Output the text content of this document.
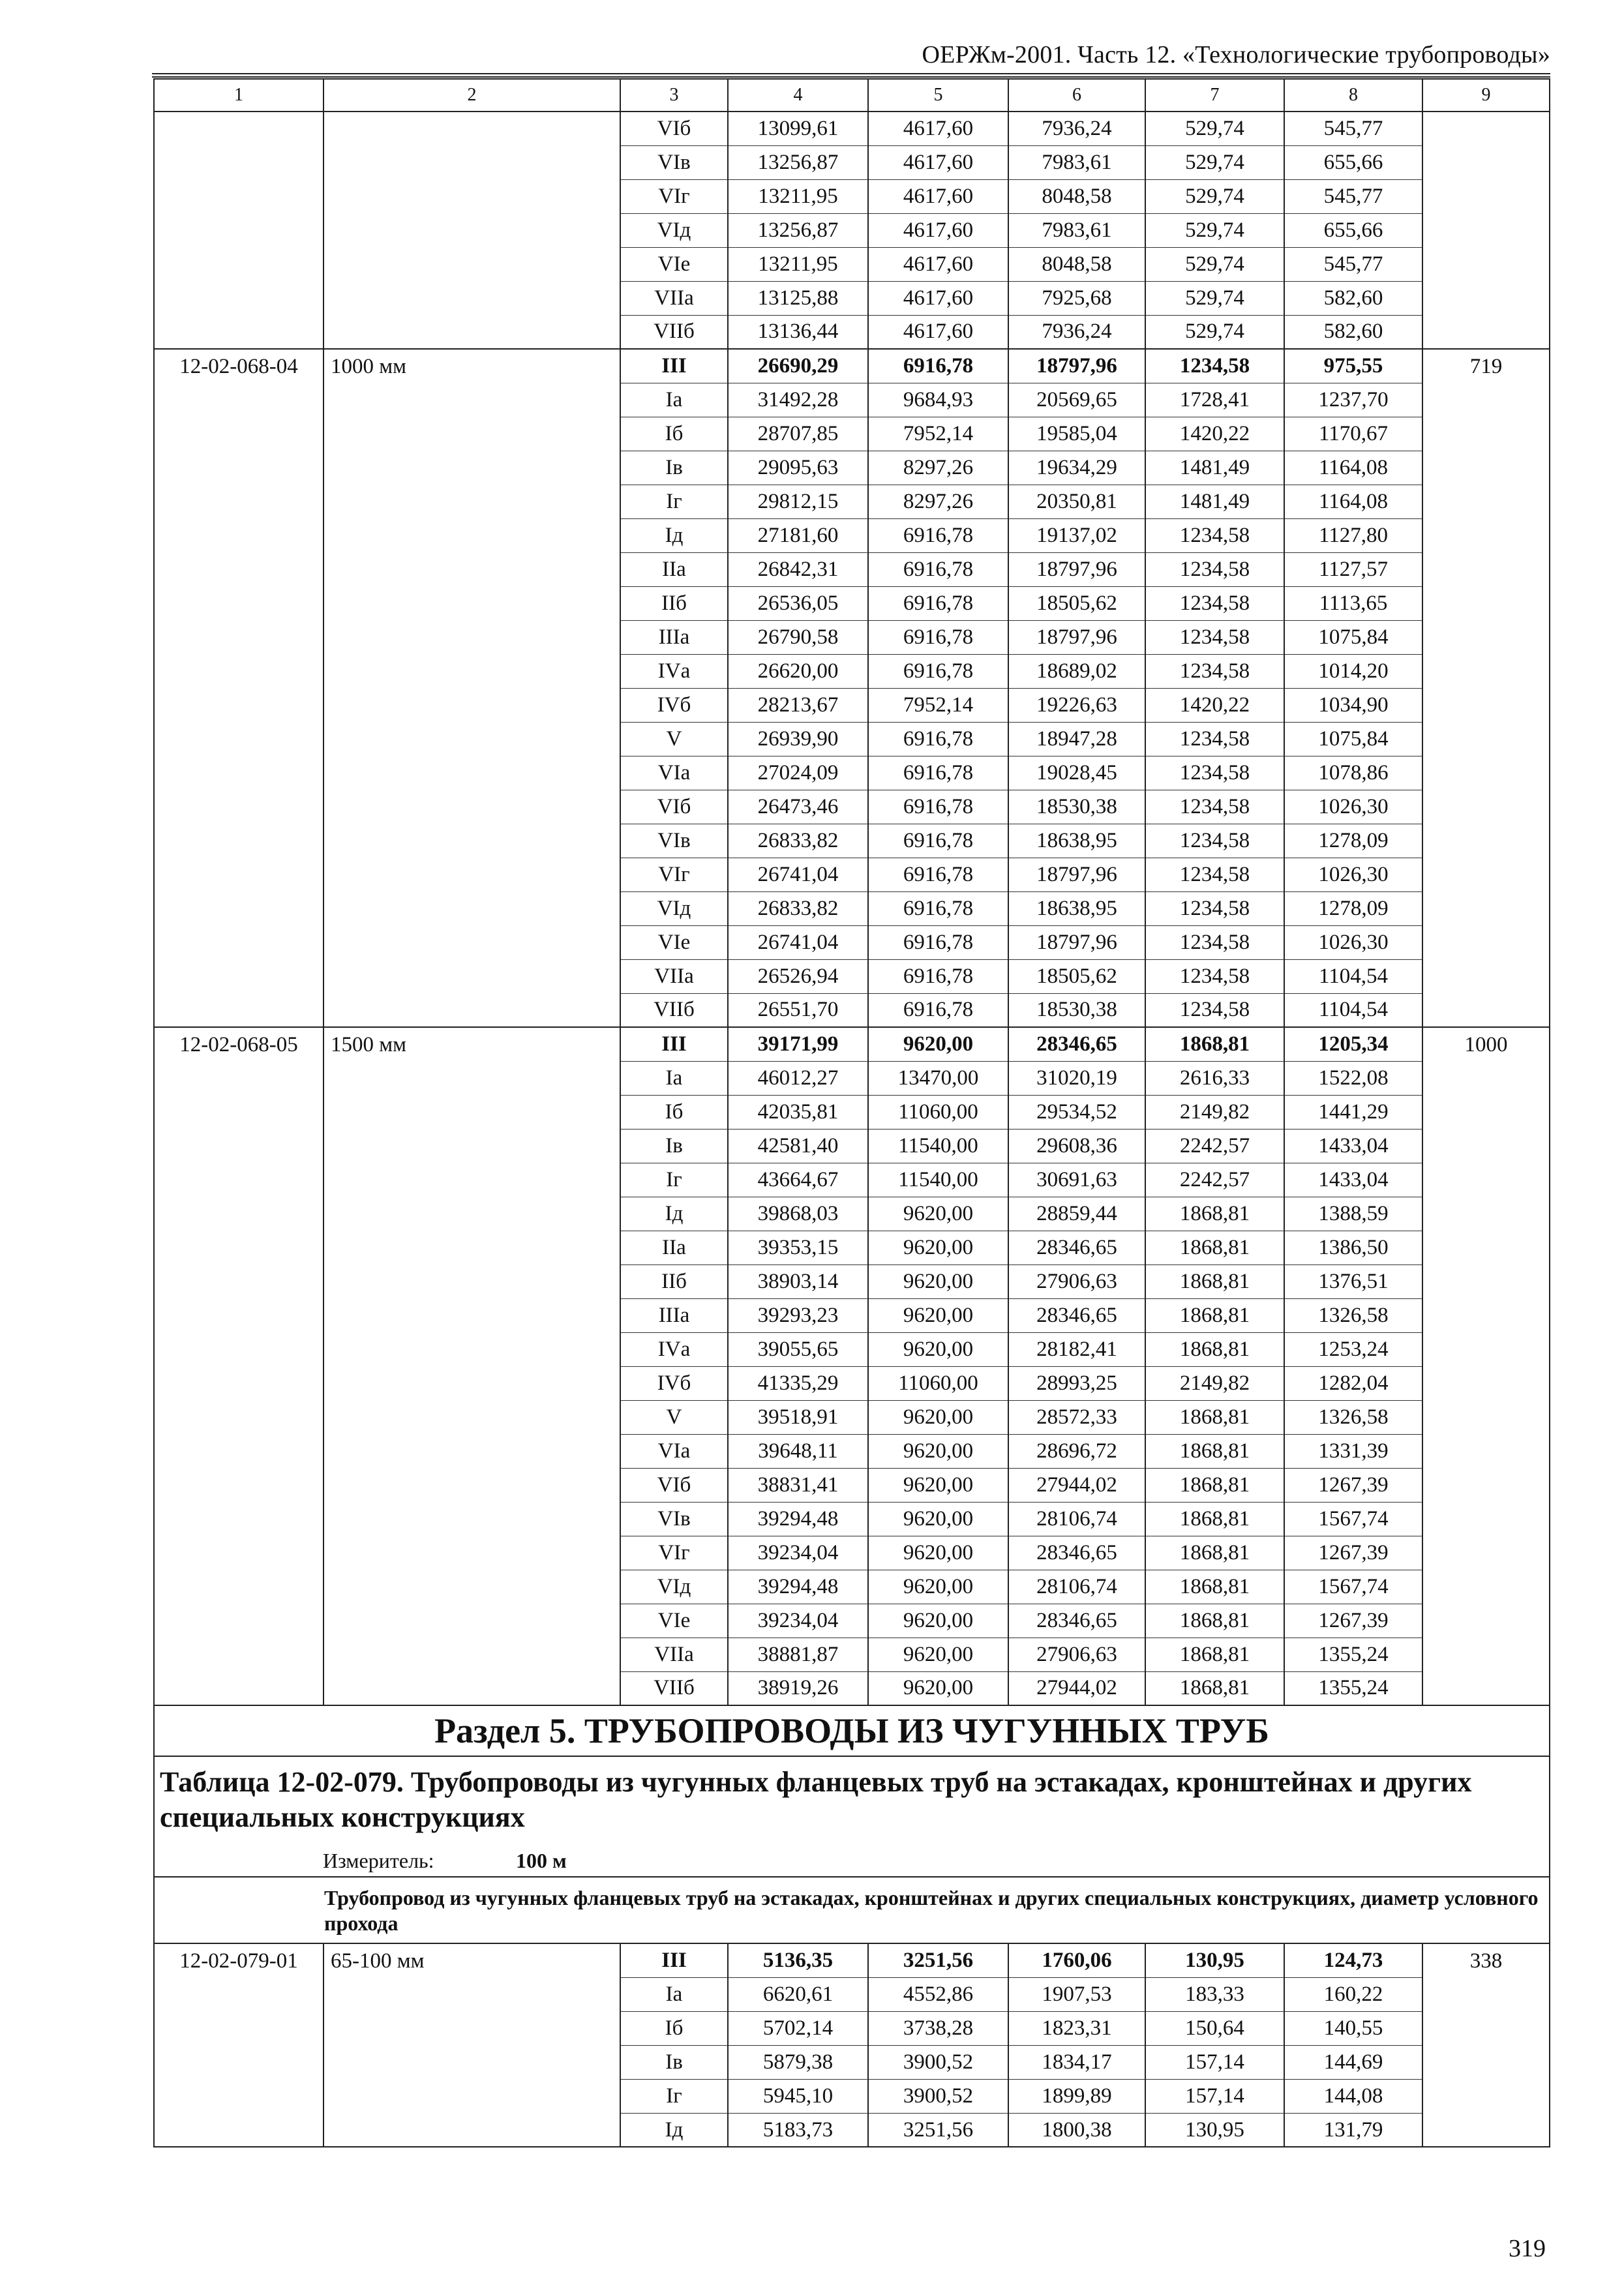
ОЕРЖм-2001. Часть 12. «Технологические трубопроводы»
1	2	3	4	5	6	7	8	9
		VIб	13099,61	4617,60	7936,24	529,74	545,77	
		VIв	13256,87	4617,60	7983,61	529,74	655,66	
		VIг	13211,95	4617,60	8048,58	529,74	545,77	
		VIд	13256,87	4617,60	7983,61	529,74	655,66	
		VIе	13211,95	4617,60	8048,58	529,74	545,77	
		VIIа	13125,88	4617,60	7925,68	529,74	582,60	
		VIIб	13136,44	4617,60	7936,24	529,74	582,60	
12-02-068-04	1000 мм	III	26690,29	6916,78	18797,96	1234,58	975,55	719
		Iа	31492,28	9684,93	20569,65	1728,41	1237,70	
		Iб	28707,85	7952,14	19585,04	1420,22	1170,67	
		Iв	29095,63	8297,26	19634,29	1481,49	1164,08	
		Iг	29812,15	8297,26	20350,81	1481,49	1164,08	
		Iд	27181,60	6916,78	19137,02	1234,58	1127,80	
		IIа	26842,31	6916,78	18797,96	1234,58	1127,57	
		IIб	26536,05	6916,78	18505,62	1234,58	1113,65	
		IIIа	26790,58	6916,78	18797,96	1234,58	1075,84	
		IVа	26620,00	6916,78	18689,02	1234,58	1014,20	
		IVб	28213,67	7952,14	19226,63	1420,22	1034,90	
		V	26939,90	6916,78	18947,28	1234,58	1075,84	
		VIа	27024,09	6916,78	19028,45	1234,58	1078,86	
		VIб	26473,46	6916,78	18530,38	1234,58	1026,30	
		VIв	26833,82	6916,78	18638,95	1234,58	1278,09	
		VIг	26741,04	6916,78	18797,96	1234,58	1026,30	
		VIд	26833,82	6916,78	18638,95	1234,58	1278,09	
		VIе	26741,04	6916,78	18797,96	1234,58	1026,30	
		VIIа	26526,94	6916,78	18505,62	1234,58	1104,54	
		VIIб	26551,70	6916,78	18530,38	1234,58	1104,54	
12-02-068-05	1500 мм	III	39171,99	9620,00	28346,65	1868,81	1205,34	1000
		Iа	46012,27	13470,00	31020,19	2616,33	1522,08	
		Iб	42035,81	11060,00	29534,52	2149,82	1441,29	
		Iв	42581,40	11540,00	29608,36	2242,57	1433,04	
		Iг	43664,67	11540,00	30691,63	2242,57	1433,04	
		Iд	39868,03	9620,00	28859,44	1868,81	1388,59	
		IIа	39353,15	9620,00	28346,65	1868,81	1386,50	
		IIб	38903,14	9620,00	27906,63	1868,81	1376,51	
		IIIа	39293,23	9620,00	28346,65	1868,81	1326,58	
		IVа	39055,65	9620,00	28182,41	1868,81	1253,24	
		IVб	41335,29	11060,00	28993,25	2149,82	1282,04	
		V	39518,91	9620,00	28572,33	1868,81	1326,58	
		VIа	39648,11	9620,00	28696,72	1868,81	1331,39	
		VIб	38831,41	9620,00	27944,02	1868,81	1267,39	
		VIв	39294,48	9620,00	28106,74	1868,81	1567,74	
		VIг	39234,04	9620,00	28346,65	1868,81	1267,39	
		VIд	39294,48	9620,00	28106,74	1868,81	1567,74	
		VIе	39234,04	9620,00	28346,65	1868,81	1267,39	
		VIIа	38881,87	9620,00	27906,63	1868,81	1355,24	
		VIIб	38919,26	9620,00	27944,02	1868,81	1355,24	
Раздел 5. ТРУБОПРОВОДЫ ИЗ ЧУГУННЫХ ТРУБ								

Таблица 12-02-079. Трубопроводы из чугунных фланцевых труб на эстакадах, кронштейнах и других специальных конструкциях
Измеритель: 100 м								

Трубопровод из чугунных фланцевых труб на эстакадах, кронштейнах и других специальных конструкциях, диаметр условного прохода								
12-02-079-01	65-100 мм	III	5136,35	3251,56	1760,06	130,95	124,73	338
		Iа	6620,61	4552,86	1907,53	183,33	160,22	
		Iб	5702,14	3738,28	1823,31	150,64	140,55	
		Iв	5879,38	3900,52	1834,17	157,14	144,69	
		Iг	5945,10	3900,52	1899,89	157,14	144,08	
		Iд	5183,73	3251,56	1800,38	130,95	131,79	
319
